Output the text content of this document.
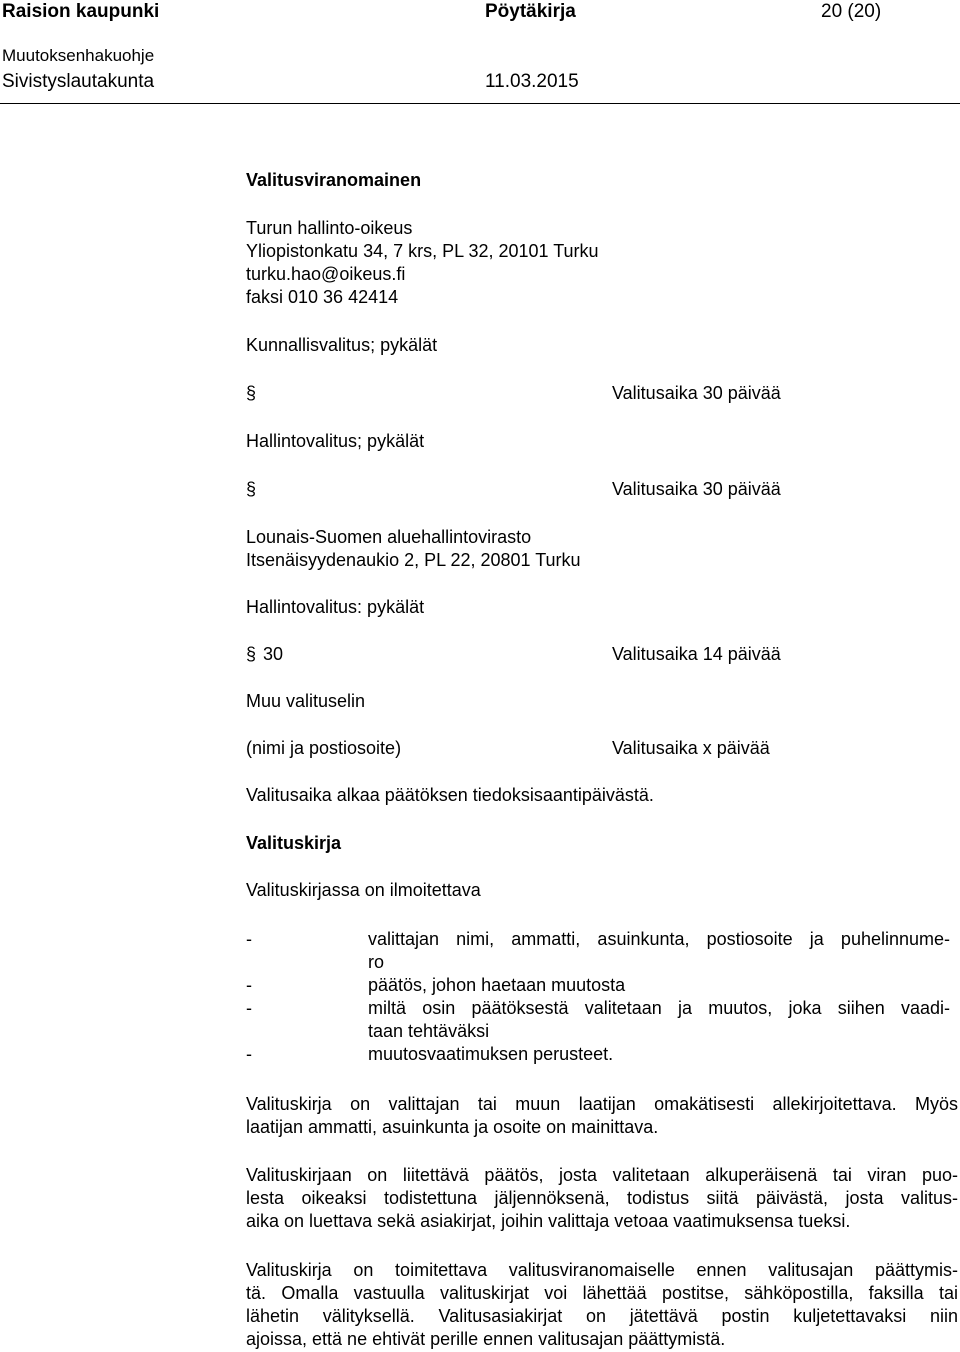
Raision kaupunki	Pöytäkirja	20 (20)
Muutoksenhakuohje
Sivistyslautakunta	11.03.2015
Valitusviranomainen
Turun hallinto-oikeus
Yliopistonkatu 34, 7 krs, PL 32, 20101 Turku
turku.hao@oikeus.fi
faksi 010 36 42414
Kunnallisvalitus; pykälät
§	Valitusaika 30 päivää
Hallintovalitus; pykälät
§	Valitusaika 30 päivää
Lounais-Suomen aluehallintovirasto
Itsenäisyydenaukio 2, PL 22, 20801 Turku
Hallintovalitus: pykälät
§ 30	Valitusaika 14 päivää
Muu valituselin
(nimi ja postiosoite)	Valitusaika x päivää
Valitusaika alkaa päätöksen tiedoksisaantipäivästä.
Valituskirja
Valituskirjassa on ilmoitettava
-	valittajan nimi, ammatti, asuinkunta, postiosoite ja puhelinnume-
ro
-	päätös, johon haetaan muutosta
-	miltä osin päätöksestä valitetaan ja muutos, joka siihen vaadi-
taan tehtäväksi
-	muutosvaatimuksen perusteet.
Valituskirja on valittajan tai muun laatijan omakätisesti allekirjoitettava. Myös
laatijan ammatti, asuinkunta ja osoite on mainittava.
Valituskirjaan on liitettävä päätös, josta valitetaan alkuperäisenä tai viran puo-
lesta oikeaksi todistettuna jäljennöksenä, todistus siitä päivästä, josta valitus-
aika on luettava sekä asiakirjat, joihin valittaja vetoaa vaatimuksensa tueksi.
Valituskirja on toimitettava valitusviranomaiselle ennen valitusajan päättymis-
tä. Omalla vastuulla valituskirjat voi lähettää postitse, sähköpostilla, faksilla tai
lähetin välityksellä. Valitusasiakirjat on jätettävä postin kuljetettavaksi niin
ajoissa, että ne ehtivät perille ennen valitusajan päättymistä.
